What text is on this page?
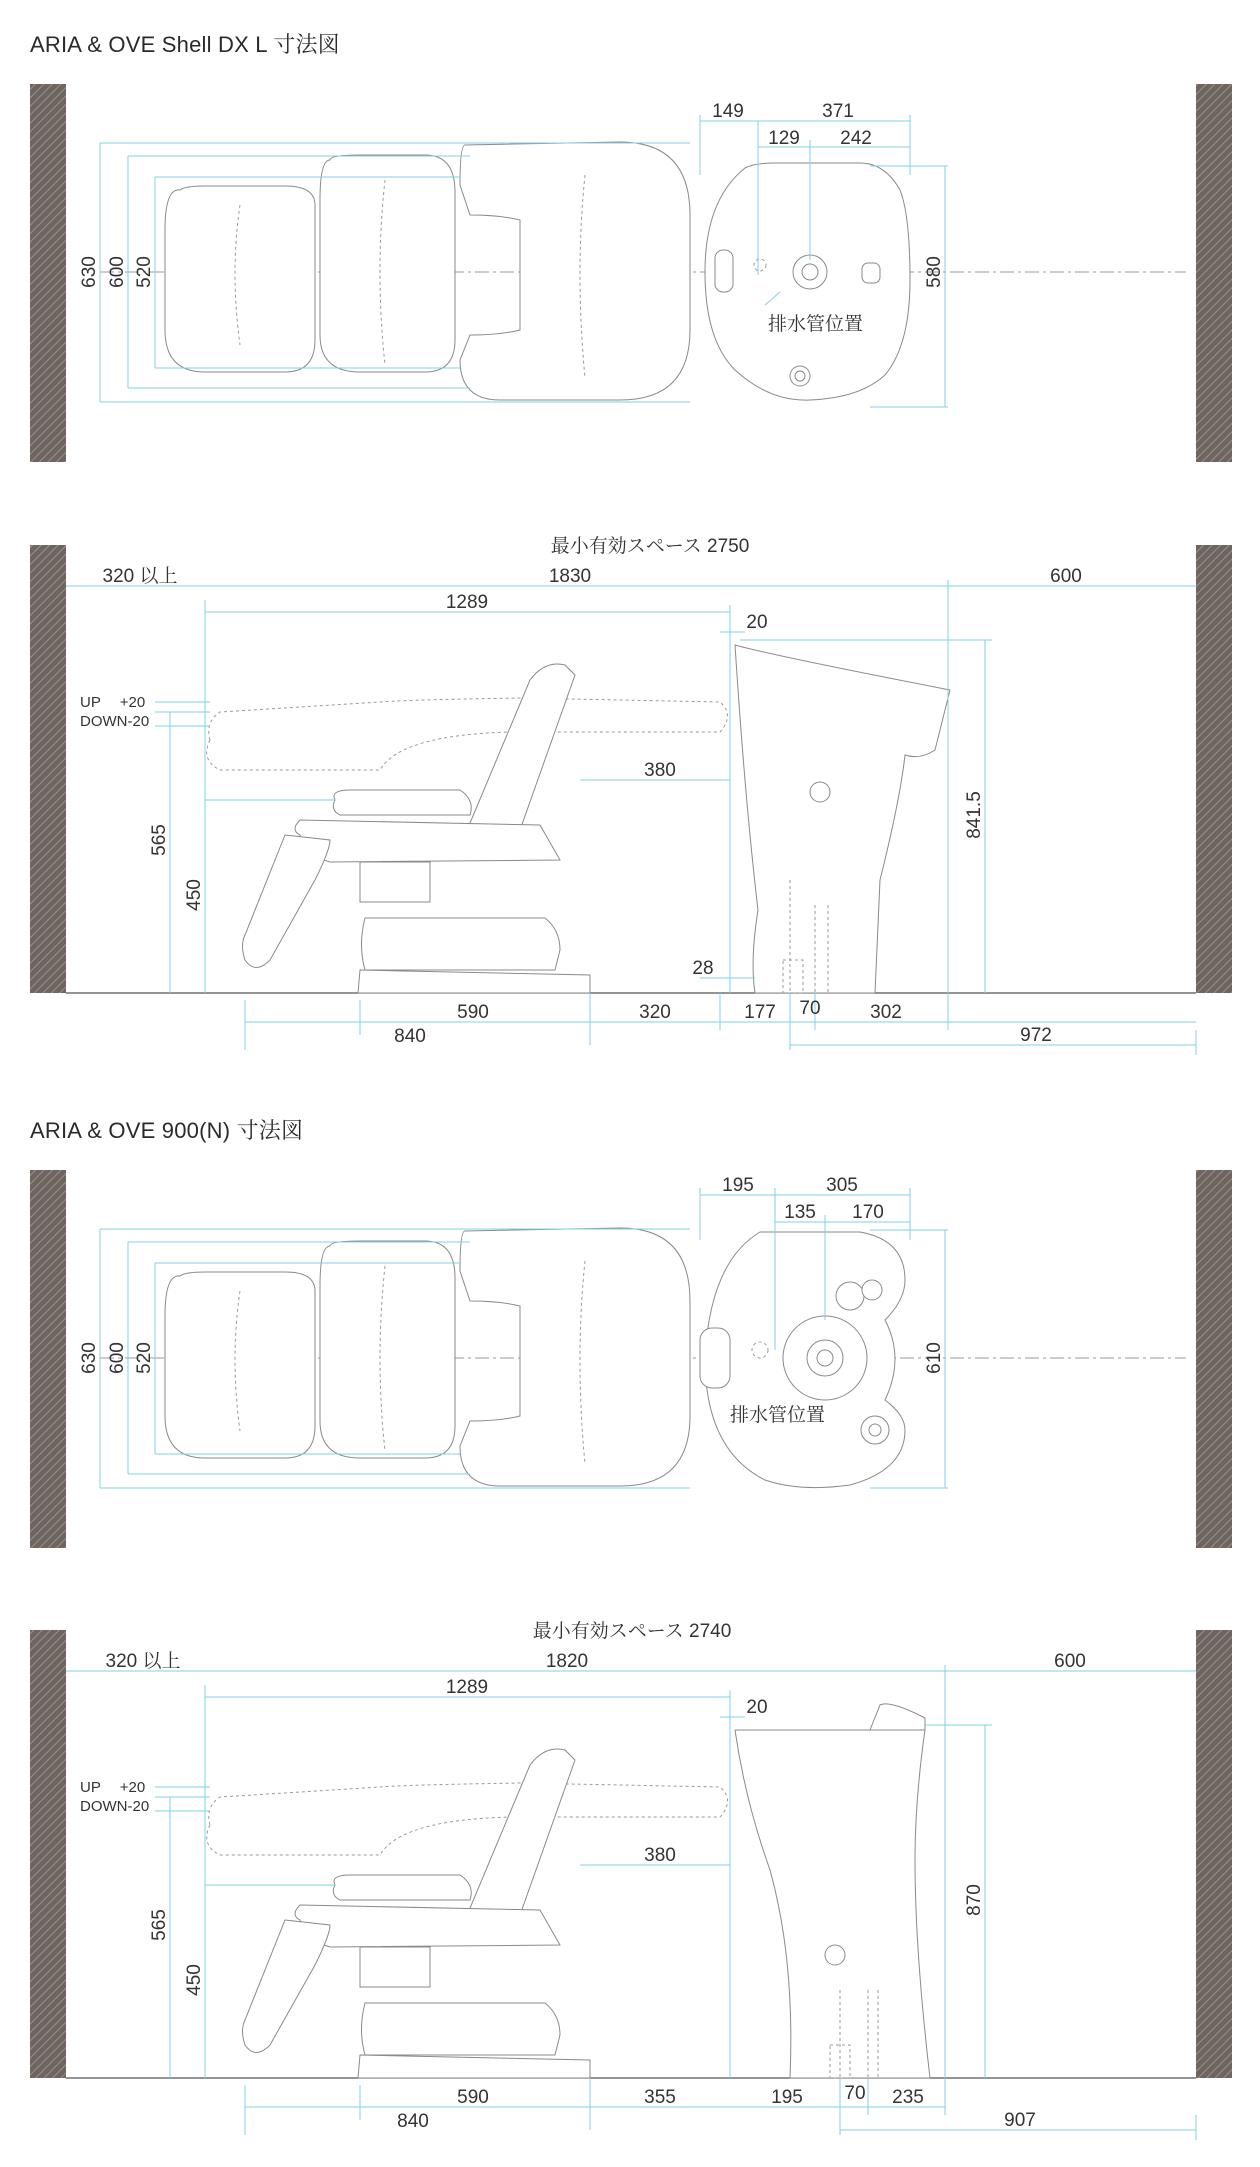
ARIA & OVE Shell DX L 寸法図
ARIA & OVE 900(N) 寸法図
149	371
129 242
630 600 520	580
排水管位置
最小有効スペース 2750
320 以上	1830	600
1289
20
UP　 +20
DOWN-20
565
450
380
841.5
28
590	320	177 70	302
840	972
195	305
135 170
630 600 520	610
排水管位置
最小有効スペース 2740
320 以上	1820	600
1289
20
UP　 +20
DOWN-20
565
450
380
870
590	355	195 70 235
840	907
